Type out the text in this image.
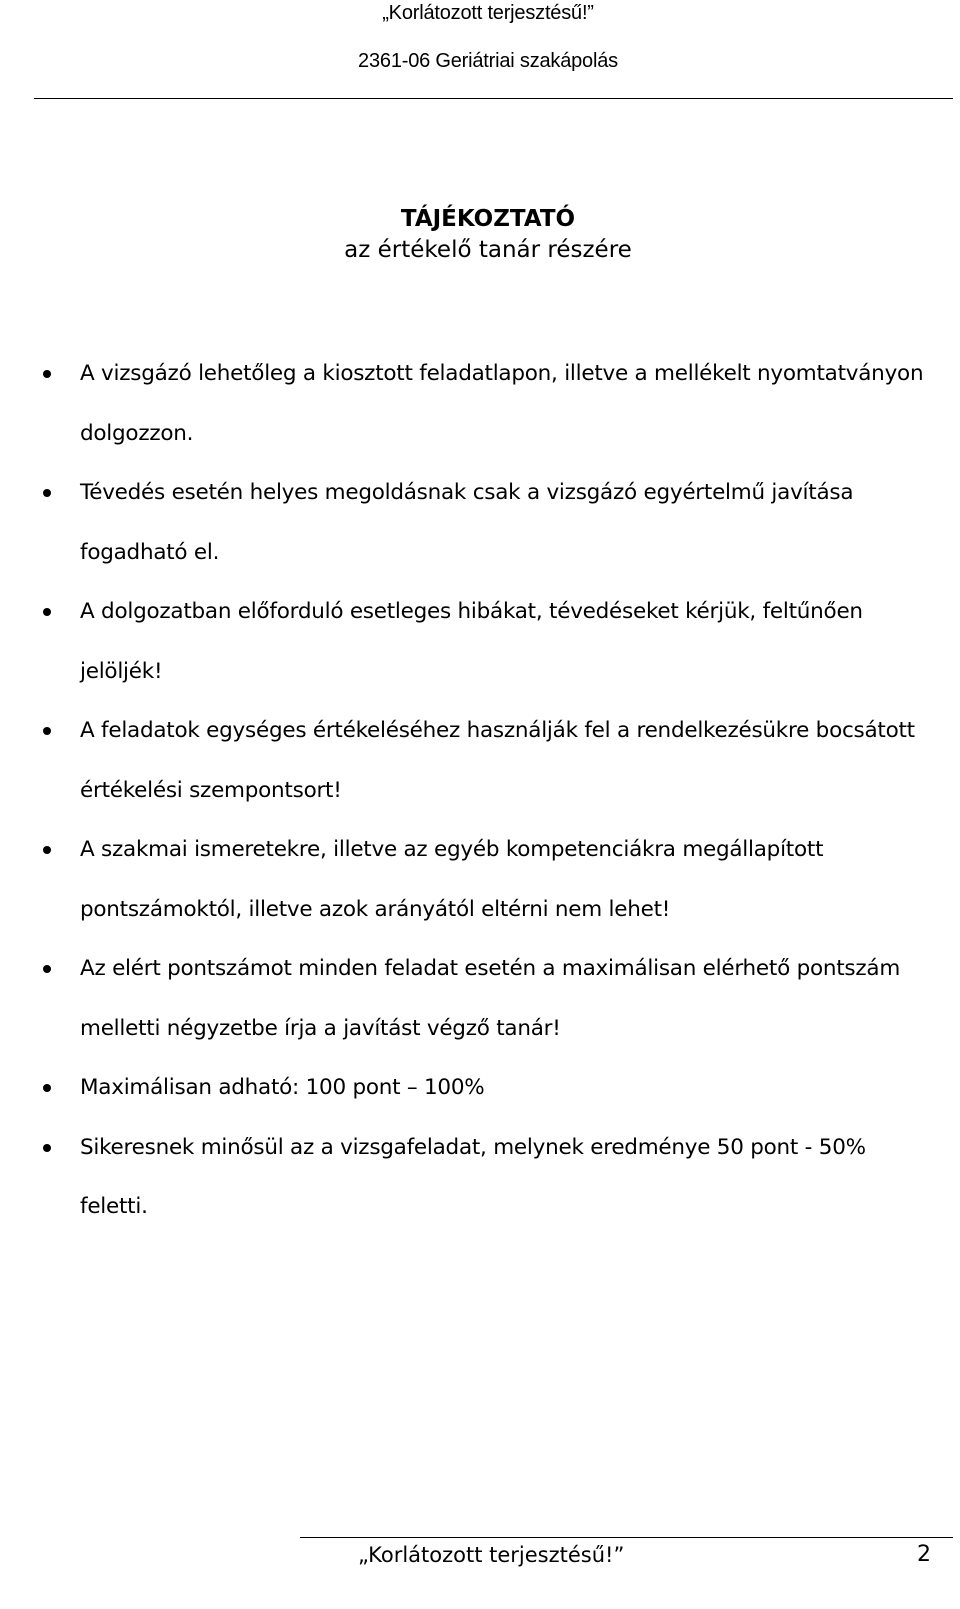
„Korlátozott terjesztésű!”
2361-06 Geriátriai szakápolás
TÁJÉKOZTATÓ
az értékelő tanár részére
A vizsgázó lehetőleg a kiosztott feladatlapon, illetve a mellékelt nyomtatványon dolgozzon.
Tévedés esetén helyes megoldásnak csak a vizsgázó egyértelmű javítása fogadható el.
A dolgozatban előforduló esetleges hibákat, tévedéseket kérjük, feltűnően jelöljék!
A feladatok egységes értékeléséhez használják fel a rendelkezésükre bocsátott értékelési szempontsort!
A szakmai ismeretekre, illetve az egyéb kompetenciákra megállapított pontszámoktól, illetve azok arányától eltérni nem lehet!
Az elért pontszámot minden feladat esetén a maximálisan elérhető pontszám melletti négyzetbe írja a javítást végző tanár!
Maximálisan adható: 100 pont – 100%
Sikeresnek minősül az a vizsgafeladat, melynek eredménye 50 pont - 50% feletti.
„Korlátozott terjesztésű!”	2
